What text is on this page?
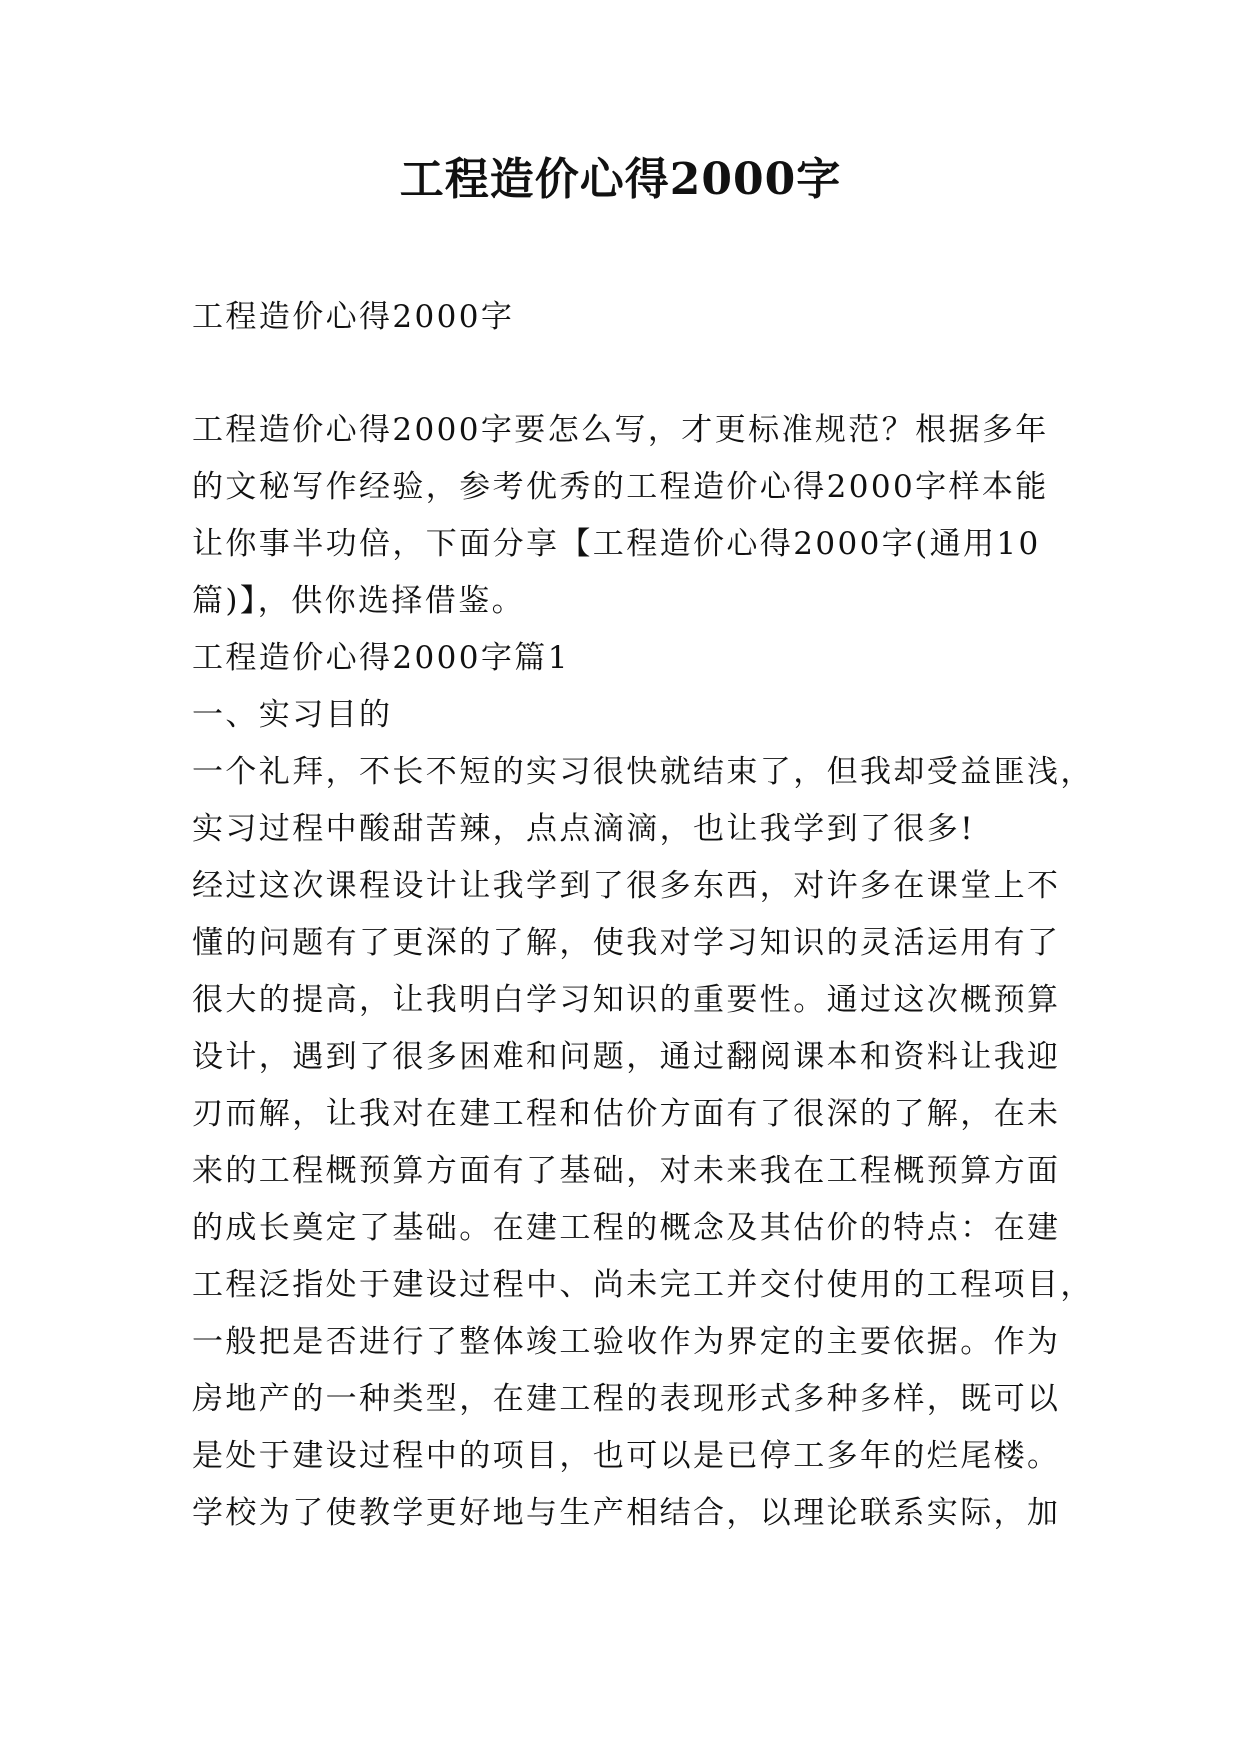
工程造价心得2000字
工程造价心得2000字
工程造价心得2000字要怎么写，才更标准规范？根据多年
的文秘写作经验，参考优秀的工程造价心得2000字样本能
让你事半功倍，下面分享【工程造价心得2000字(通用10
篇)】，供你选择借鉴。
工程造价心得2000字篇1
一、实习目的
一个礼拜，不长不短的实习很快就结束了，但我却受益匪浅，
实习过程中酸甜苦辣，点点滴滴，也让我学到了很多!
经过这次课程设计让我学到了很多东西，对许多在课堂上不
懂的问题有了更深的了解，使我对学习知识的灵活运用有了
很大的提高，让我明白学习知识的重要性。通过这次概预算
设计，遇到了很多困难和问题，通过翻阅课本和资料让我迎
刃而解，让我对在建工程和估价方面有了很深的了解，在未
来的工程概预算方面有了基础，对未来我在工程概预算方面
的成长奠定了基础。在建工程的概念及其估价的特点：在建
工程泛指处于建设过程中、尚未完工并交付使用的工程项目，
一般把是否进行了整体竣工验收作为界定的主要依据。作为
房地产的一种类型，在建工程的表现形式多种多样，既可以
是处于建设过程中的项目，也可以是已停工多年的烂尾楼。
学校为了使教学更好地与生产相结合，以理论联系实际，加
